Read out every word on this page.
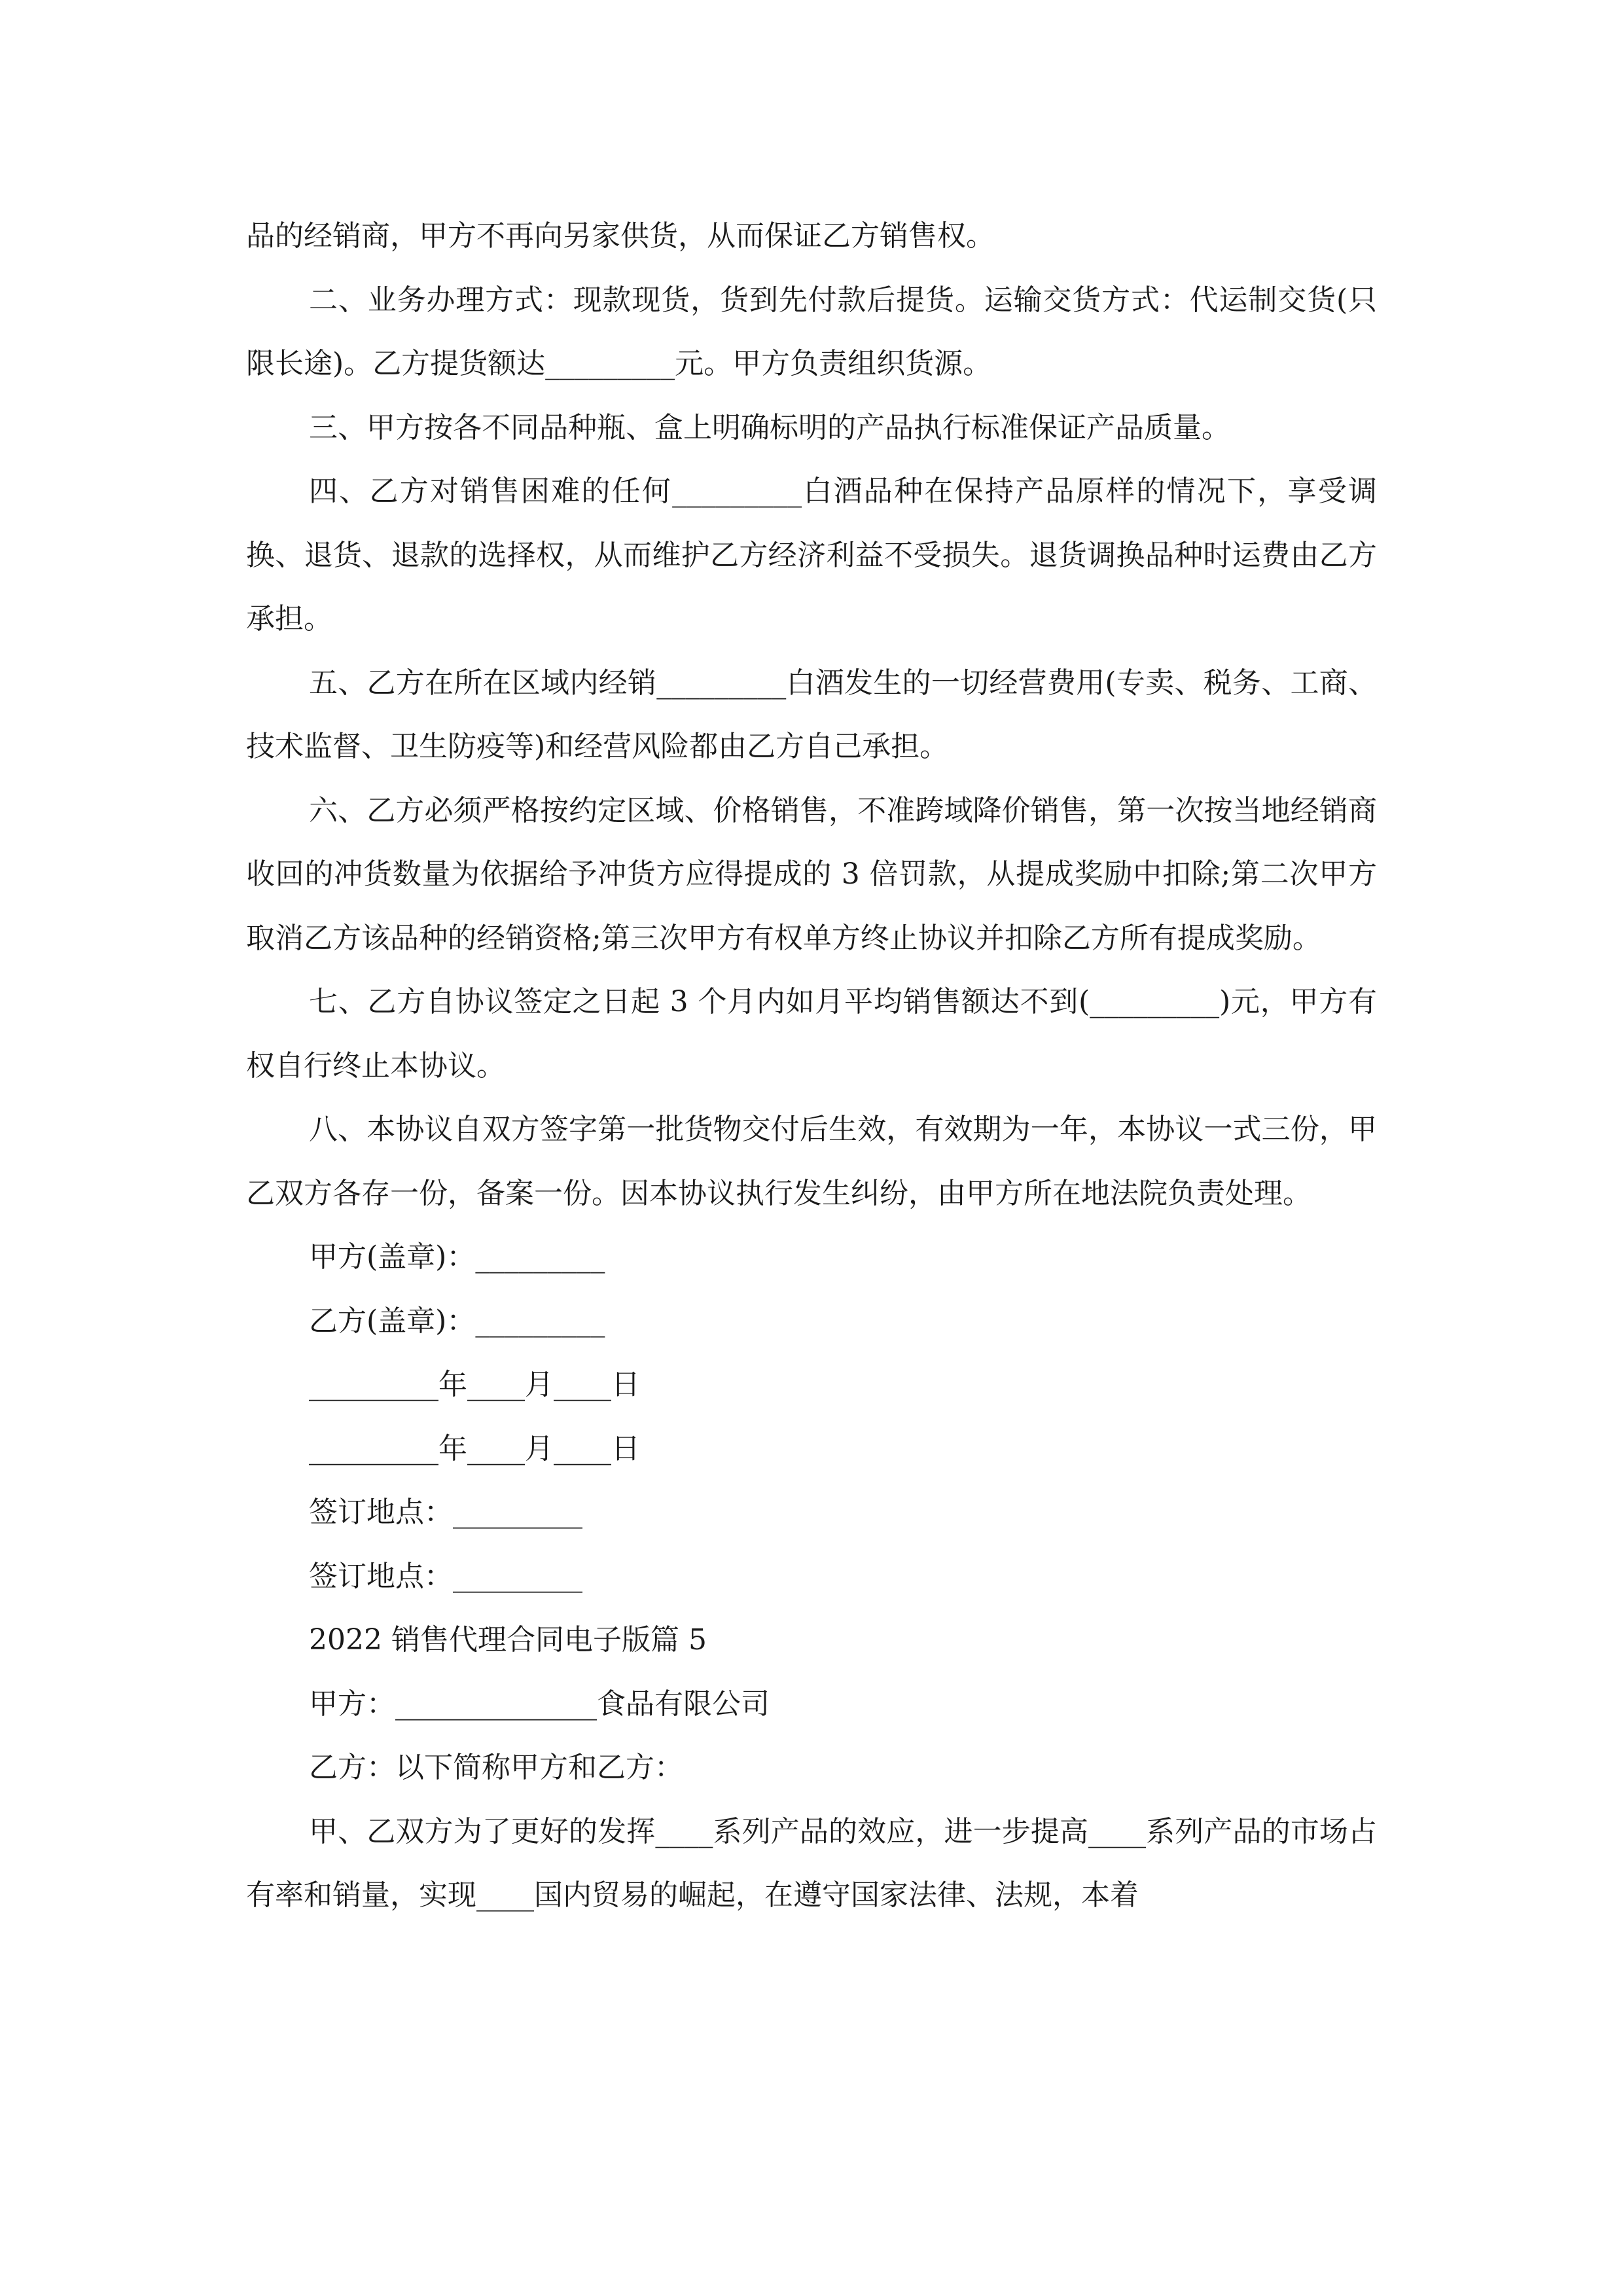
品的经销商，甲方不再向另家供货，从而保证乙方销售权。

二、业务办理方式：现款现货，货到先付款后提货。运输交货方式：代运制交货(只限长途)。乙方提货额达_________元。甲方负责组织货源。

三、甲方按各不同品种瓶、盒上明确标明的产品执行标准保证产品质量。

四、乙方对销售困难的任何_________白酒品种在保持产品原样的情况下，享受调换、退货、退款的选择权，从而维护乙方经济利益不受损失。退货调换品种时运费由乙方承担。

五、乙方在所在区域内经销_________白酒发生的一切经营费用(专卖、税务、工商、技术监督、卫生防疫等)和经营风险都由乙方自己承担。

六、乙方必须严格按约定区域、价格销售，不准跨域降价销售，第一次按当地经销商收回的冲货数量为依据给予冲货方应得提成的 3 倍罚款，从提成奖励中扣除;第二次甲方取消乙方该品种的经销资格;第三次甲方有权单方终止协议并扣除乙方所有提成奖励。

七、乙方自协议签定之日起 3 个月内如月平均销售额达不到(_________)元，甲方有权自行终止本协议。

八、本协议自双方签字第一批货物交付后生效，有效期为一年，本协议一式三份，甲乙双方各存一份，备案一份。因本协议执行发生纠纷，由甲方所在地法院负责处理。

甲方(盖章)：_________

乙方(盖章)：_________

_________年____月____日

_________年____月____日

签订地点：_________

签订地点：_________

2022 销售代理合同电子版篇 5

甲方：______________食品有限公司

乙方：以下简称甲方和乙方：

甲、乙双方为了更好的发挥____系列产品的效应，进一步提高____系列产品的市场占有率和销量，实现____国内贸易的崛起，在遵守国家法律、法规，本着
